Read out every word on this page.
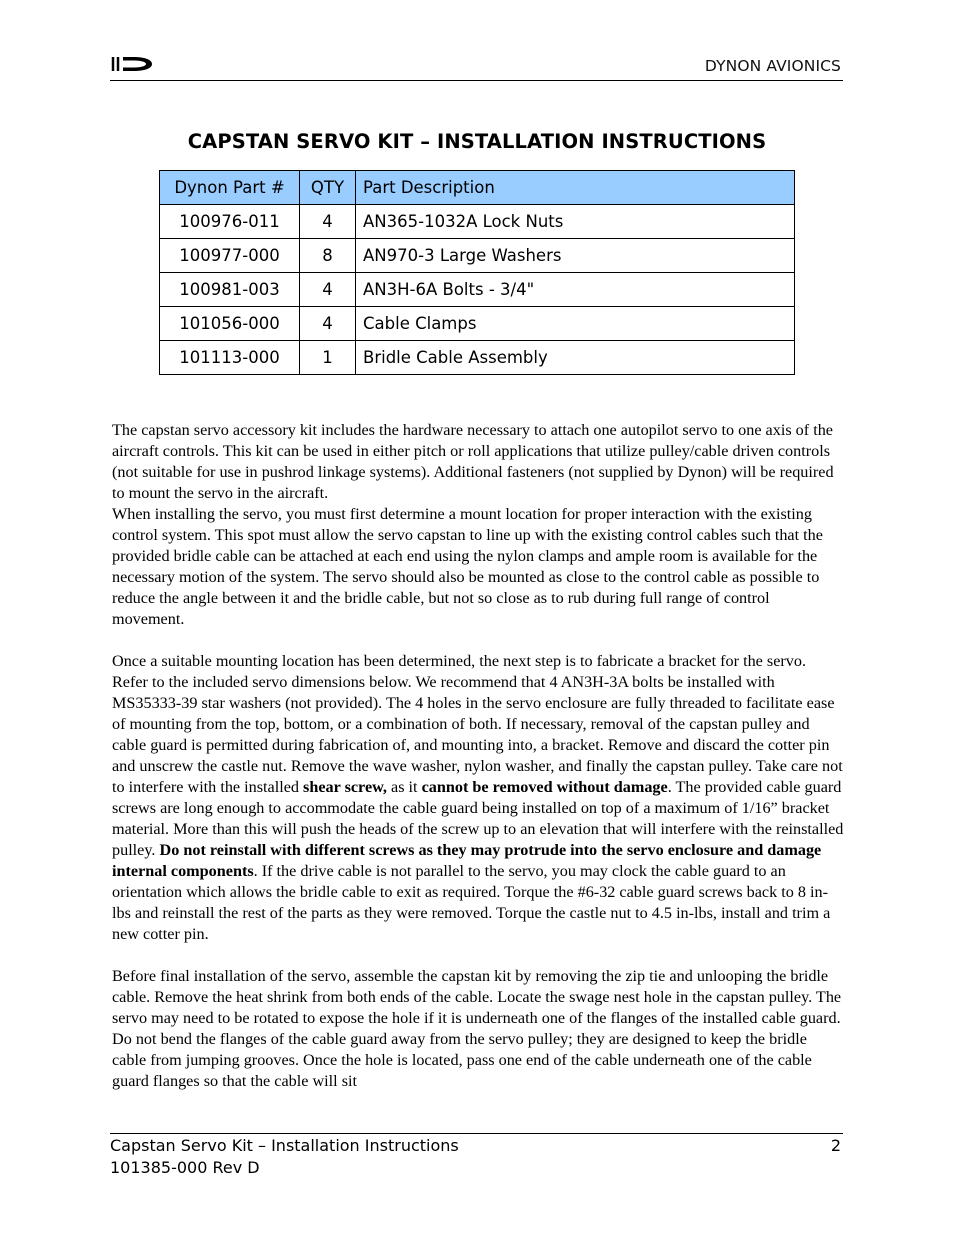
DYNON AVIONICS
CAPSTAN SERVO KIT – INSTALLATION INSTRUCTIONS
Dynon Part #	QTY	Part Description
100976-011	4	AN365-1032A Lock Nuts
100977-000	8	AN970-3 Large Washers
100981-003	4	AN3H-6A Bolts - 3/4"
101056-000	4	Cable Clamps
101113-000	1	Bridle Cable Assembly

The capstan servo accessory kit includes the hardware necessary to attach one autopilot servo to one axis of the aircraft controls. This kit can be used in either pitch or roll applications that utilize pulley/cable driven controls (not suitable for use in pushrod linkage systems). Additional fasteners (not supplied by Dynon) will be required to mount the servo in the aircraft.

When installing the servo, you must first determine a mount location for proper interaction with the existing control system. This spot must allow the servo capstan to line up with the existing control cables such that the provided bridle cable can be attached at each end using the nylon clamps and ample room is available for the necessary motion of the system. The servo should also be mounted as close to the control cable as possible to reduce the angle between it and the bridle cable, but not so close as to rub during full range of control movement.

Once a suitable mounting location has been determined, the next step is to fabricate a bracket for the servo. Refer to the included servo dimensions below. We recommend that 4 AN3H-3A bolts be installed with MS35333-39 star washers (not provided). The 4 holes in the servo enclosure are fully threaded to facilitate ease of mounting from the top, bottom, or a combination of both. If necessary, removal of the capstan pulley and cable guard is permitted during fabrication of, and mounting into, a bracket. Remove and discard the cotter pin and unscrew the castle nut. Remove the wave washer, nylon washer, and finally the capstan pulley. Take care not to interfere with the installed shear screw, as it cannot be removed without damage. The provided cable guard screws are long enough to accommodate the cable guard being installed on top of a maximum of 1/16” bracket material. More than this will push the heads of the screw up to an elevation that will interfere with the reinstalled pulley. Do not reinstall with different screws as they may protrude into the servo enclosure and damage internal components. If the drive cable is not parallel to the servo, you may clock the cable guard to an orientation which allows the bridle cable to exit as required. Torque the #6-32 cable guard screws back to 8 in-lbs and reinstall the rest of the parts as they were removed. Torque the castle nut to 4.5 in-lbs, install and trim a new cotter pin.

Before final installation of the servo, assemble the capstan kit by removing the zip tie and unlooping the bridle cable. Remove the heat shrink from both ends of the cable. Locate the swage nest hole in the capstan pulley. The servo may need to be rotated to expose the hole if it is underneath one of the flanges of the installed cable guard. Do not bend the flanges of the cable guard away from the servo pulley; they are designed to keep the bridle cable from jumping grooves. Once the hole is located, pass one end of the cable underneath one of the cable guard flanges so that the cable will sit

Capstan Servo Kit – Installation Instructions
101385-000 Rev D
2
